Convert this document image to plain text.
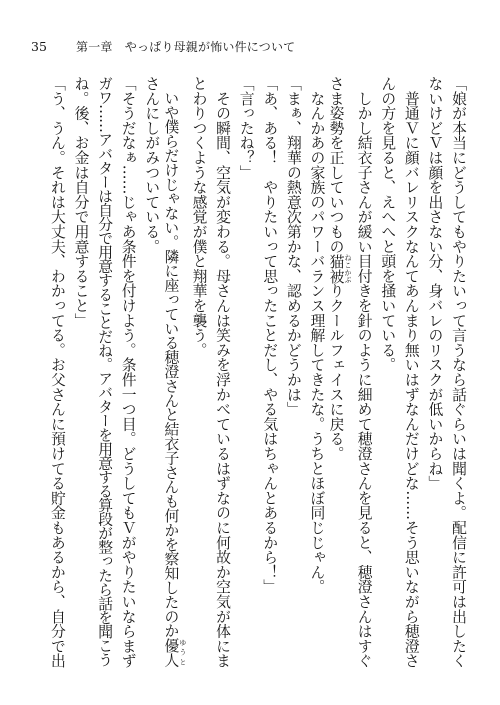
35 第一章　やっぱり母親が怖い件について
「娘が本当にどうしてもやりたいって言うなら話ぐらいは聞くよ。配信に許可は出したく
ないけどＶは顔を出さない分、身バレのリスクが低いからね」
　普通Ｖに顔バレリスクなんてあんまり無いはずなんだけどな……そう思いながら穂澄さ
んの方を見ると、えへへと頭を掻いている。
　しかし結衣子さんが緩い目付きを針のように細めて穂澄さんを見ると、穂澄さんはすぐ
さま姿勢を正していつもの猫被 ねこかぶりクールフェイスに戻る。
　なんかあの家族のパワーバランス理解してきたな。うちとほぼ同じじゃん。
「まぁ、翔華の熱意次第かな、認めるかどうかは」
「あ、ある！　やりたいって思ったことだし、やる気はちゃんとあるから！」
「言ったね？」
　その瞬間、空気が変わる。母さんは笑みを浮かべているはずなのに何故か空気が体にま
とわりつくような感覚が僕と翔華を襲う。
　いや僕らだけじゃない。隣に座っている穂澄さんと結衣子さんも何かを察知したのか優人 ゆうと
さんにしがみついている。
「そうだなぁ……じゃあ条件を付けよう。条件一つ目。どうしてもＶがやりたいならまず
ガワ……アバターは自分で用意することだね。アバターを用意する算段が整ったら話を聞こう
ね。後、お金は自分で用意すること」
「う、うん。それは大丈夫、わかってる。お父さんに預けてる貯金もあるから、自分で出
